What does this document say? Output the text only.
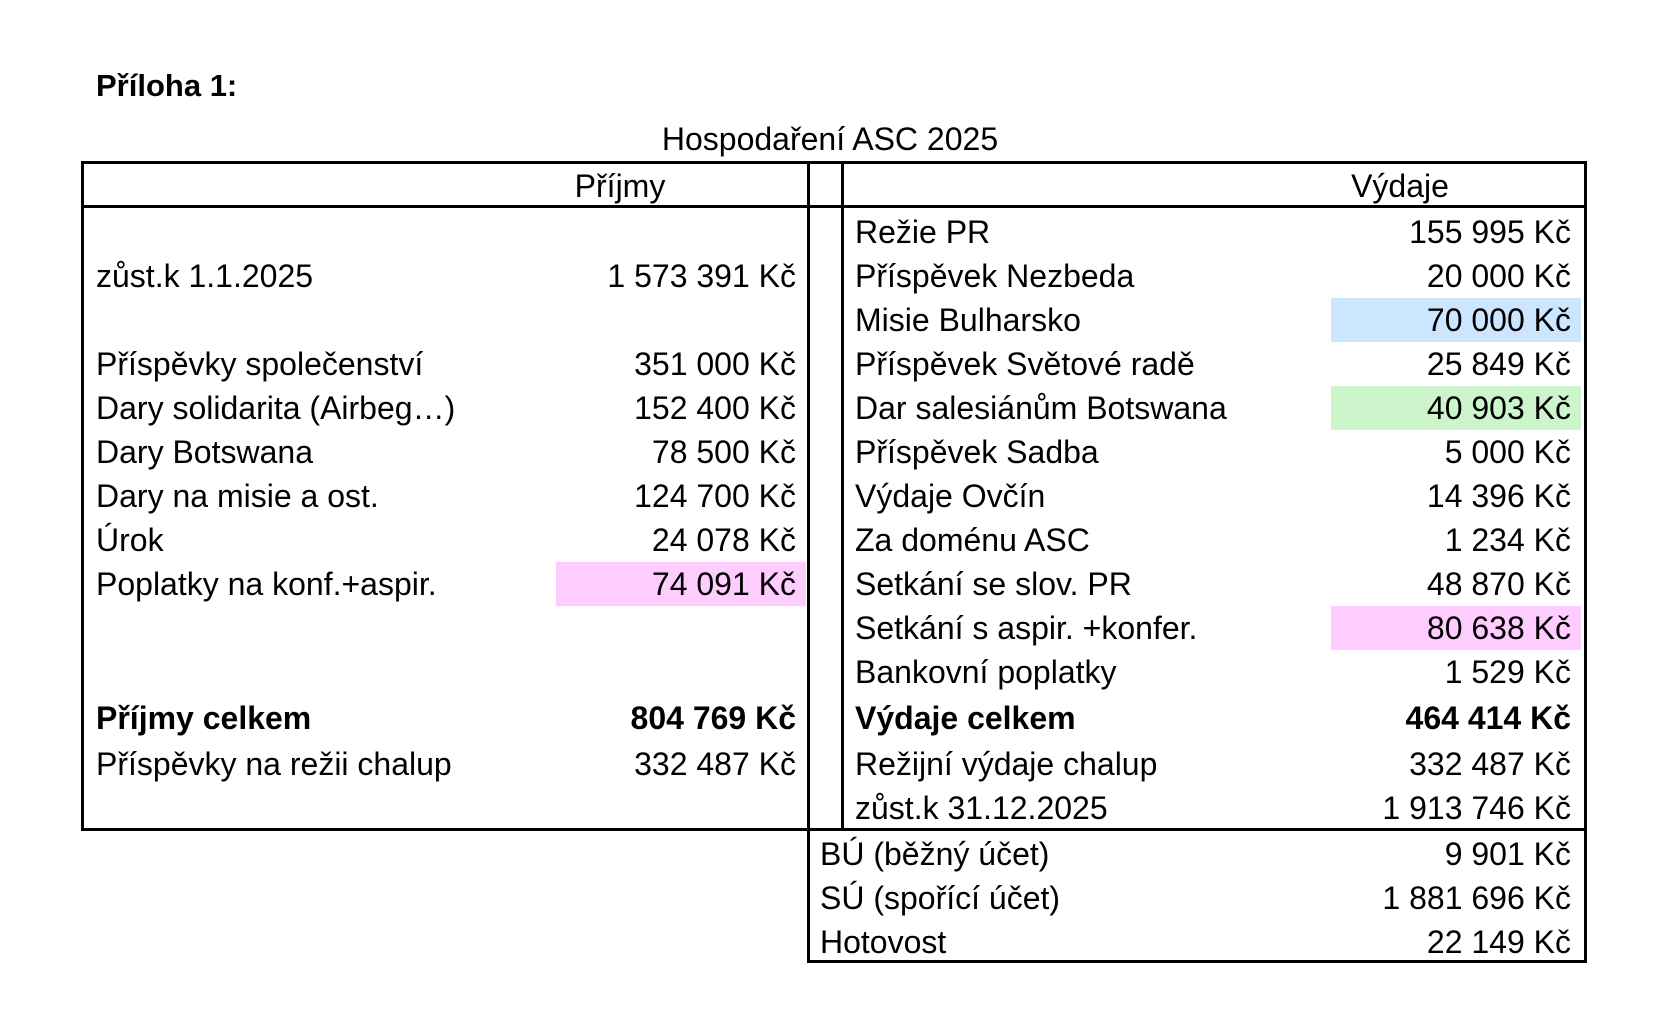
Příloha 1:
Hospodaření ASC 2025
Příjmy	Výdaje
zůst.k 1.1.2025	1 573 391 Kč
Příspěvky společenství	351 000 Kč
Dary solidarita (Airbeg…)	152 400 Kč
Dary Botswana	78 500 Kč
Dary na misie a ost.	124 700 Kč
Úrok	24 078 Kč
Poplatky na konf.+aspir.	74 091 Kč
Příjmy celkem	804 769 Kč
Příspěvky na režii chalup	332 487 Kč
Režie PR	155 995 Kč
Příspěvek Nezbeda	20 000 Kč
Misie Bulharsko	70 000 Kč
Příspěvek Světové radě	25 849 Kč
Dar salesiánům Botswana	40 903 Kč
Příspěvek Sadba	5 000 Kč
Výdaje Ovčín	14 396 Kč
Za doménu ASC	1 234 Kč
Setkání se slov. PR	48 870 Kč
Setkání s aspir. +konfer.	80 638 Kč
Bankovní poplatky	1 529 Kč
Výdaje celkem	464 414 Kč
Režijní výdaje chalup	332 487 Kč
zůst.k 31.12.2025	1 913 746 Kč
BÚ (běžný účet)	9 901 Kč
SÚ (spořící účet)	1 881 696 Kč
Hotovost	22 149 Kč
